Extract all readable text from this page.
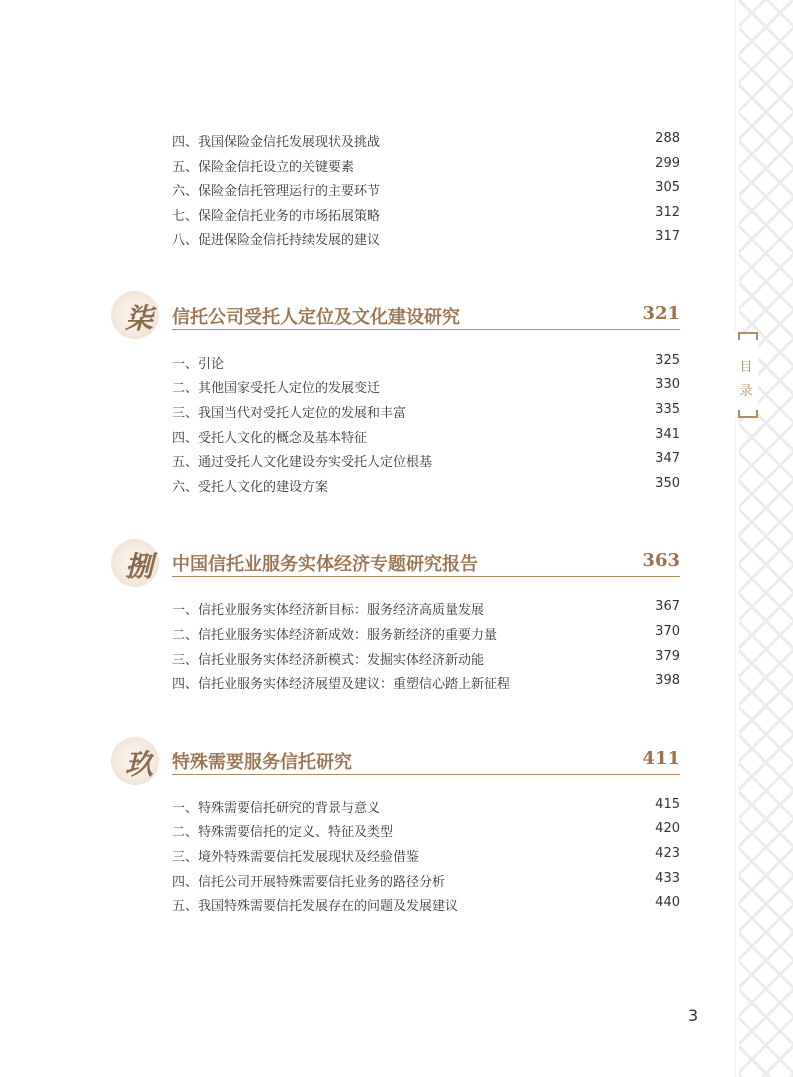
目
录
四、我国保险金信托发展现状及挑战	288
五、保险金信托设立的关键要素	299
六、保险金信托管理运行的主要环节	305
七、保险金信托业务的市场拓展策略	312
八、促进保险金信托持续发展的建议	317
柒	信托公司受托人定位及文化建设研究	321
一、引论	325
二、其他国家受托人定位的发展变迁	330
三、我国当代对受托人定位的发展和丰富	335
四、受托人文化的概念及基本特征	341
五、通过受托人文化建设夯实受托人定位根基	347
六、受托人文化的建设方案	350
捌	中国信托业服务实体经济专题研究报告	363
一、信托业服务实体经济新目标：服务经济高质量发展	367
二、信托业服务实体经济新成效：服务新经济的重要力量	370
三、信托业服务实体经济新模式：发掘实体经济新动能	379
四、信托业服务实体经济展望及建议：重塑信心踏上新征程	398
玖	特殊需要服务信托研究	411
一、特殊需要信托研究的背景与意义	415
二、特殊需要信托的定义、特征及类型	420
三、境外特殊需要信托发展现状及经验借鉴	423
四、信托公司开展特殊需要信托业务的路径分析	433
五、我国特殊需要信托发展存在的问题及发展建议	440
3
